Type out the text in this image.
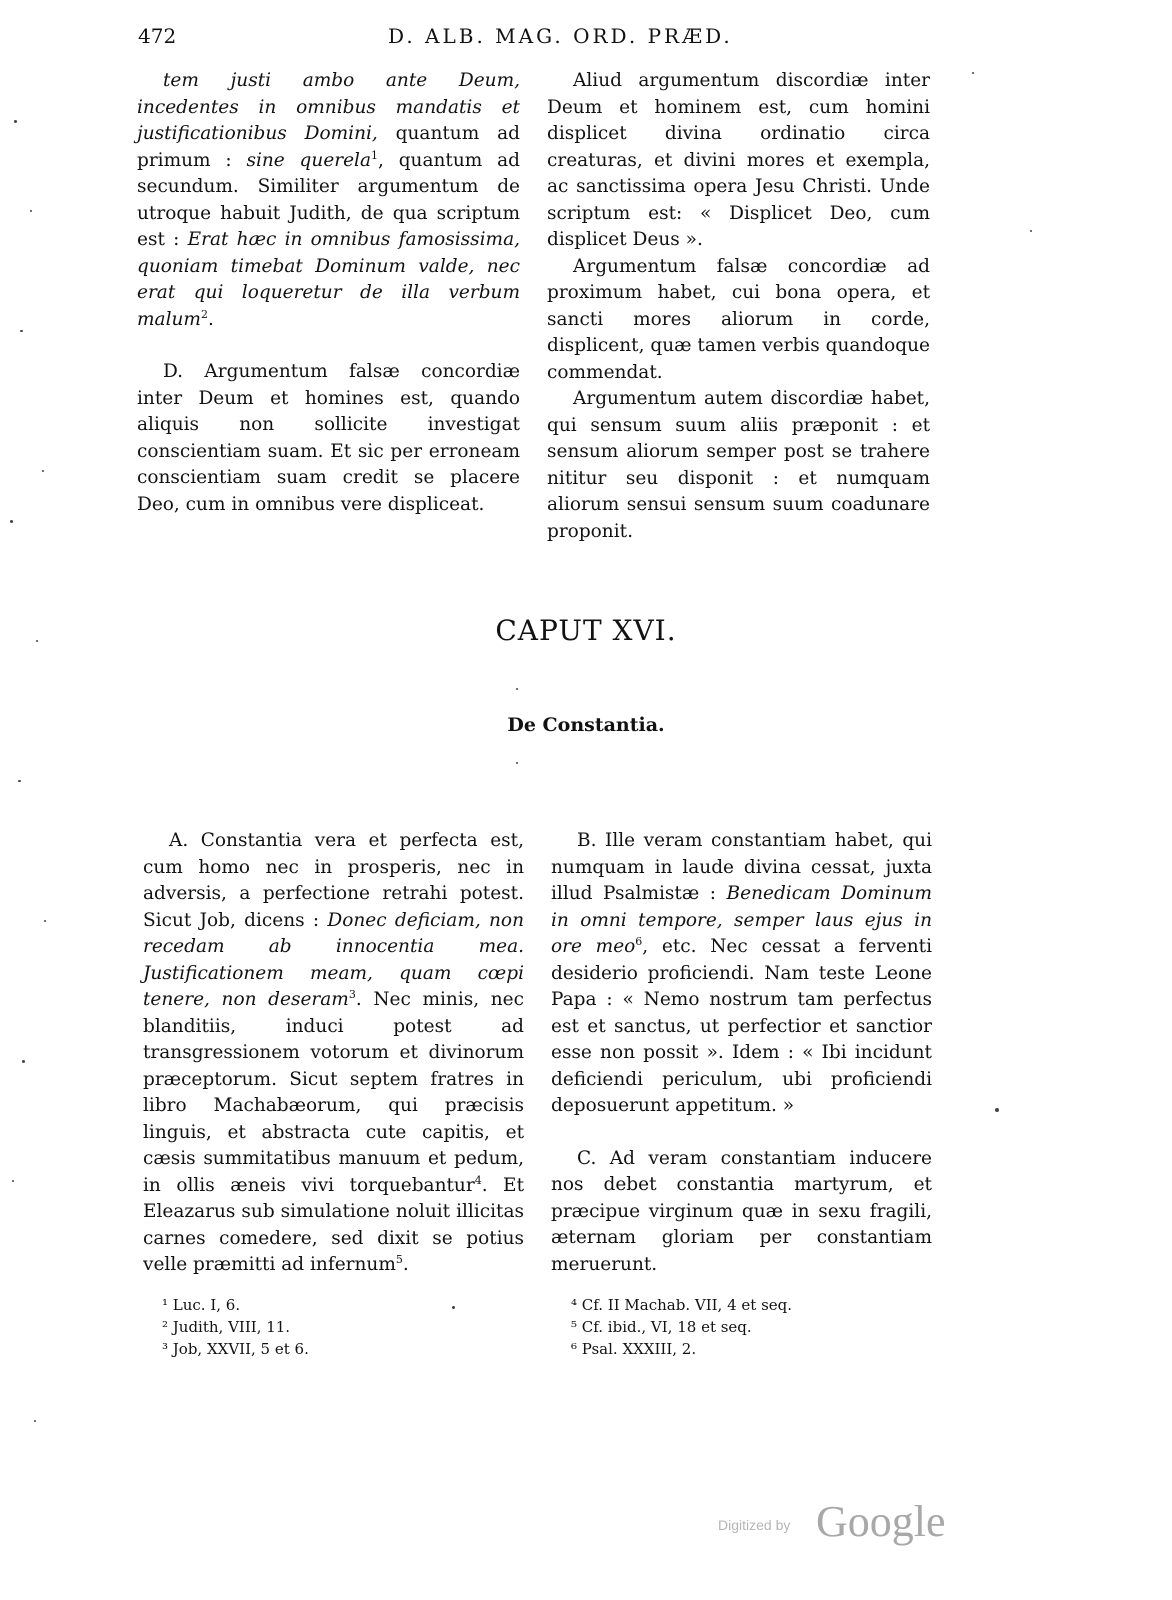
472	D. ALB. MAG. ORD. PRÆD.

tem justi ambo ante Deum, incedentes in omnibus mandatis et justificationibus Domini, quantum ad primum : sine querela$^1$, quantum ad secundum. Similiter argumentum de utroque habuit Judith, de qua scriptum est : Erat hæc in omnibus famosissima, quoniam timebat Dominum valde, nec erat qui loqueretur de illa verbum malum$^2$.

D. Argumentum falsæ concordiæ inter Deum et homines est, quando aliquis non sollicite investigat conscientiam suam. Et sic per erroneam conscientiam suam credit se placere Deo, cum in omnibus vere displiceat.

Aliud argumentum discordiæ inter Deum et hominem est, cum homini displicet divina ordinatio circa creaturas, et divini mores et exempla, ac sanctissima opera Jesu Christi. Unde scriptum est: « Displicet Deo, cum displicet Deus ».

Argumentum falsæ concordiæ ad proximum habet, cui bona opera, et sancti mores aliorum in corde, displicent, quæ tamen verbis quandoque commendat.

Argumentum autem discordiæ habet, qui sensum suum aliis præponit : et sensum aliorum semper post se trahere nititur seu disponit : et numquam aliorum sensui sensum suum coadunare proponit.

CAPUT XVI.
De Constantia.

A. Constantia vera et perfecta est, cum homo nec in prosperis, nec in adversis, a perfectione retrahi potest. Sicut Job, dicens : Donec deficiam, non recedam ab innocentia mea. Justificationem meam, quam cœpi tenere, non deseram$^3$. Nec minis, nec blanditiis, induci potest ad transgressionem votorum et divinorum præceptorum. Sicut septem fratres in libro Machabæorum, qui præcisis linguis, et abstracta cute capitis, et cæsis summitatibus manuum et pedum, in ollis æneis vivi torquebantur$^4$. Et Eleazarus sub simulatione noluit illicitas carnes comedere, sed dixit se potius velle præmitti ad infernum$^5$.

B. Ille veram constantiam habet, qui numquam in laude divina cessat, juxta illud Psalmistæ : Benedicam Dominum in omni tempore, semper laus ejus in ore meo$^6$, etc. Nec cessat a ferventi desiderio proficiendi. Nam teste Leone Papa : « Nemo nostrum tam perfectus est et sanctus, ut perfectior et sanctior esse non possit ». Idem : « Ibi incidunt deficiendi periculum, ubi proficiendi deposuerunt appetitum. »

C. Ad veram constantiam inducere nos debet constantia martyrum, et præcipue virginum quæ in sexu fragili, æternam gloriam per constantiam meruerunt.

¹ Luc. I, 6.
² Judith, VIII, 11.
³ Job, XXVII, 5 et 6.
⁴ Cf. II Machab. VII, 4 et seq.
⁵ Cf. ibid., VI, 18 et seq.
⁶ Psal. XXXIII, 2.
Digitized by Google
